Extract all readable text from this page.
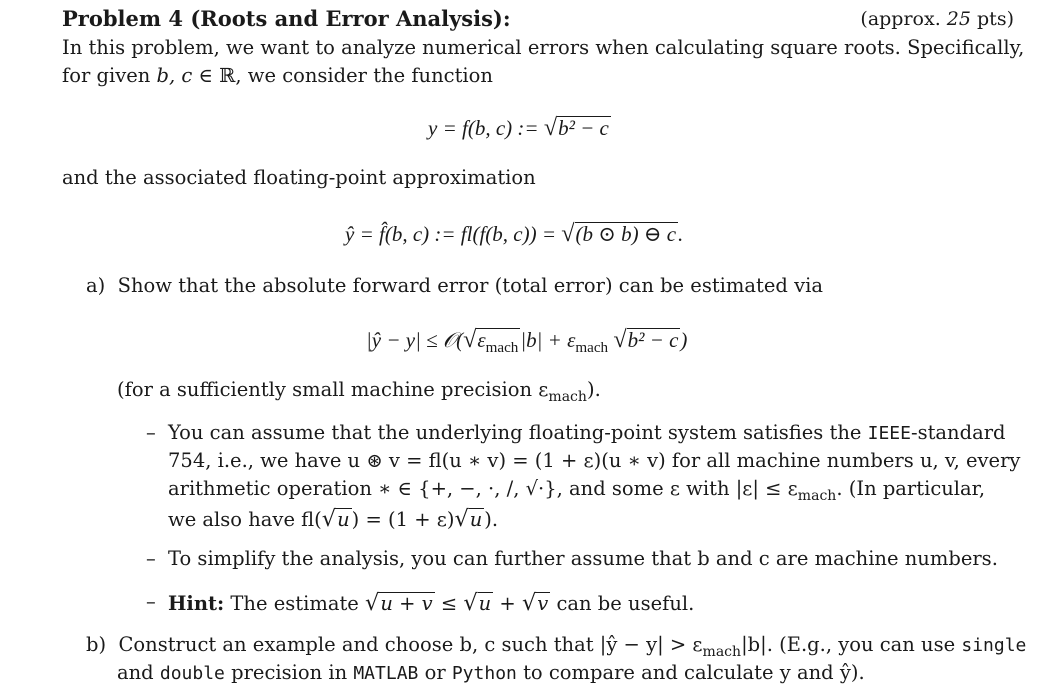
Problem 4 (Roots and Error Analysis):	(approx. 25 pts)
In this problem, we want to analyze numerical errors when calculating square roots. Specifically,
for given b, c ∈ ℝ, we consider the function
y = f(b, c) := √b² − c
and the associated floating-point approximation
ŷ = f̂(b, c) := fl(f(b, c)) = √(b ⊙ b) ⊖ c.
a) Show that the absolute forward error (total error) can be estimated via
|ŷ − $y| \le 𝒪(√\varepsilon_{mach}|b| + \varepsilon_{mach}$ √b² − c)
(for a sufficiently small machine precision $\varepsilon_{mach}$).
– You can assume that the underlying floating-point system satisfies the IEEE-standard
754, i.e., we have u ⊛ v = fl(u ∗ v) = (1 + ε)(u ∗ v) for all machine numbers u, v, every
arithmetic operation ∗ ∈ {+, −, ·, /, √·}, and some ε with $|\varepsilon| \le \varepsilon_{mach}$. (In particular,
we also have fl(√u ) = (1 + ε)√u ).
– To simplify the analysis, you can further assume that b and c are machine numbers.
– Hint: The estimate √u + v ≤ √u + √v can be useful.
b) Construct an example and choose b, c such that |ŷ − $y| > \varepsilon_{mach}|b|$. (E.g., you can use single
and double precision in MATLAB or Python to compare and calculate y and ŷ).
